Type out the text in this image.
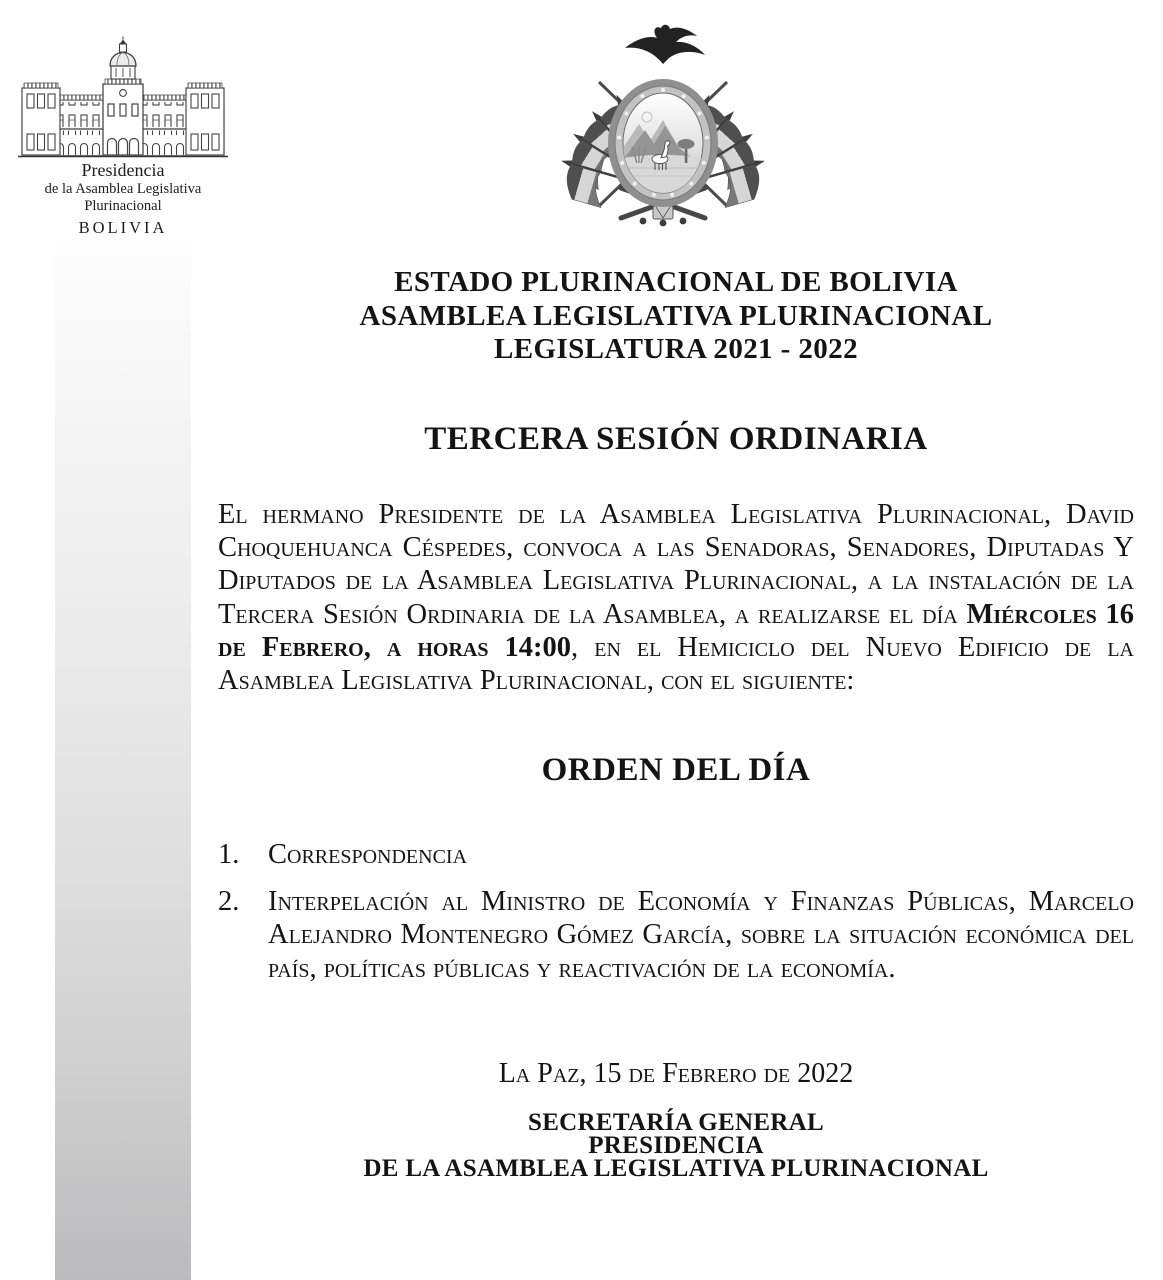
Presidencia
de la Asamblea Legislativa Plurinacional
BOLIVIA
ESTADO PLURINACIONAL DE BOLIVIA
ASAMBLEA LEGISLATIVA PLURINACIONAL
LEGISLATURA 2021 - 2022
TERCERA SESIÓN ORDINARIA
El hermano Presidente de la Asamblea Legislativa Plurinacional, David Choquehuanca Céspedes, convoca a las Senadoras, Senadores, Diputadas Y Diputados de la Asamblea Legislativa Plurinacional, a la instalación de la Tercera Sesión Ordinaria de la Asamblea, a realizarse el día Miércoles 16 de Febrero, a horas 14:00, en el Hemiciclo del Nuevo Edificio de la Asamblea Legislativa Plurinacional, con el siguiente:
ORDEN DEL DÍA
1.	Correspondencia
2.	Interpelación al Ministro de Economía y Finanzas Públicas, Marcelo Alejandro Montenegro Gómez García, sobre la situación económica del país, políticas públicas y reactivación de la economía.
La Paz, 15 de Febrero de 2022
SECRETARÍA GENERAL
PRESIDENCIA
DE LA ASAMBLEA LEGISLATIVA PLURINACIONAL
